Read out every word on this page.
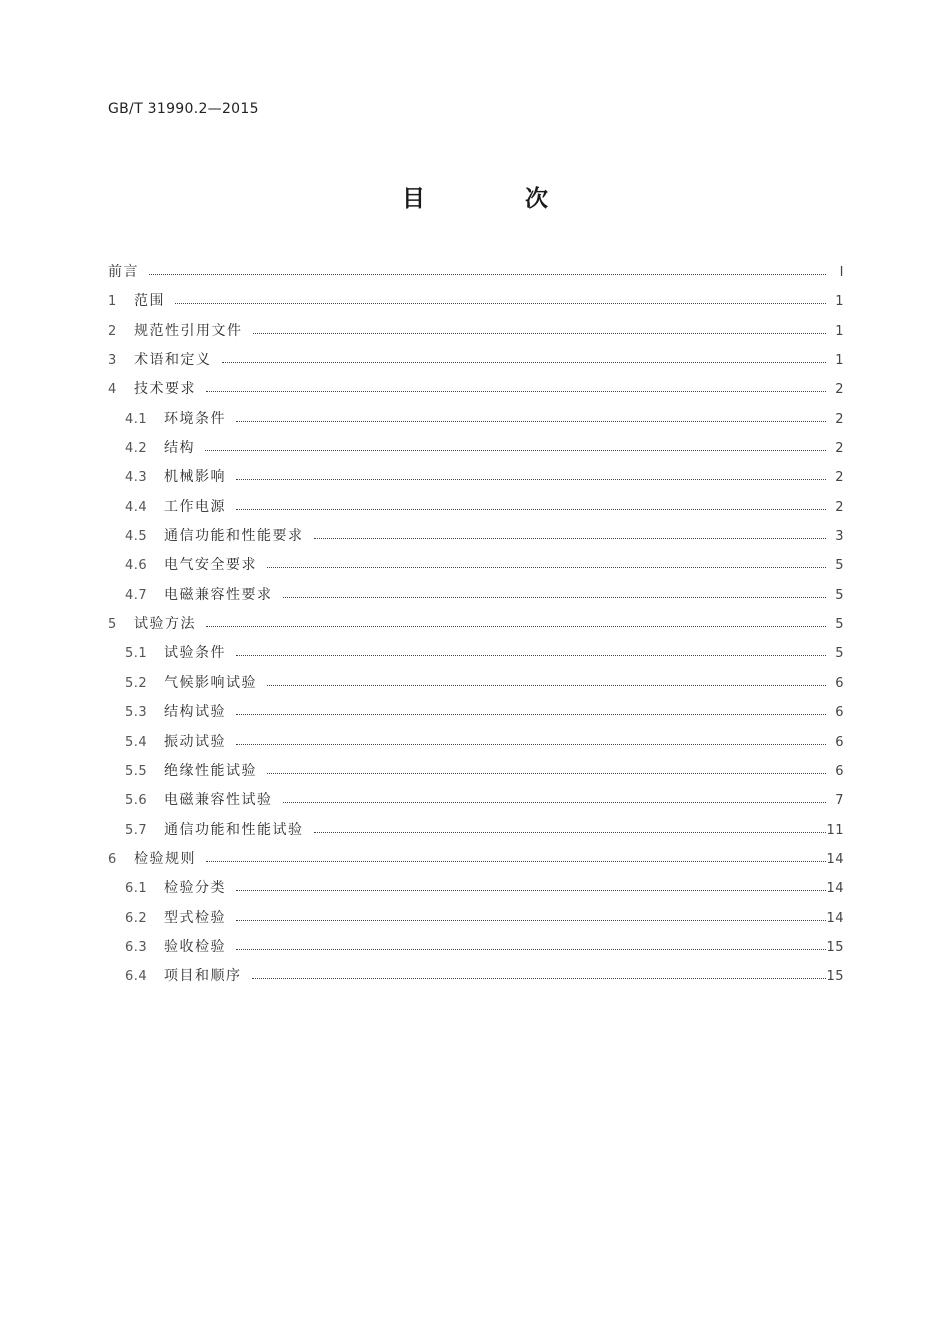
GB/T 31990.2—2015
目 次
前言	Ⅰ
1 范围	1
2 规范性引用文件	1
3 术语和定义	1
4 技术要求	2
4.1 环境条件	2
4.2 结构	2
4.3 机械影响	2
4.4 工作电源	2
4.5 通信功能和性能要求	3
4.6 电气安全要求	5
4.7 电磁兼容性要求	5
5 试验方法	5
5.1 试验条件	5
5.2 气候影响试验	6
5.3 结构试验	6
5.4 振动试验	6
5.5 绝缘性能试验	6
5.6 电磁兼容性试验	7
5.7 通信功能和性能试验	11
6 检验规则	14
6.1 检验分类	14
6.2 型式检验	14
6.3 验收检验	15
6.4 项目和顺序	15
